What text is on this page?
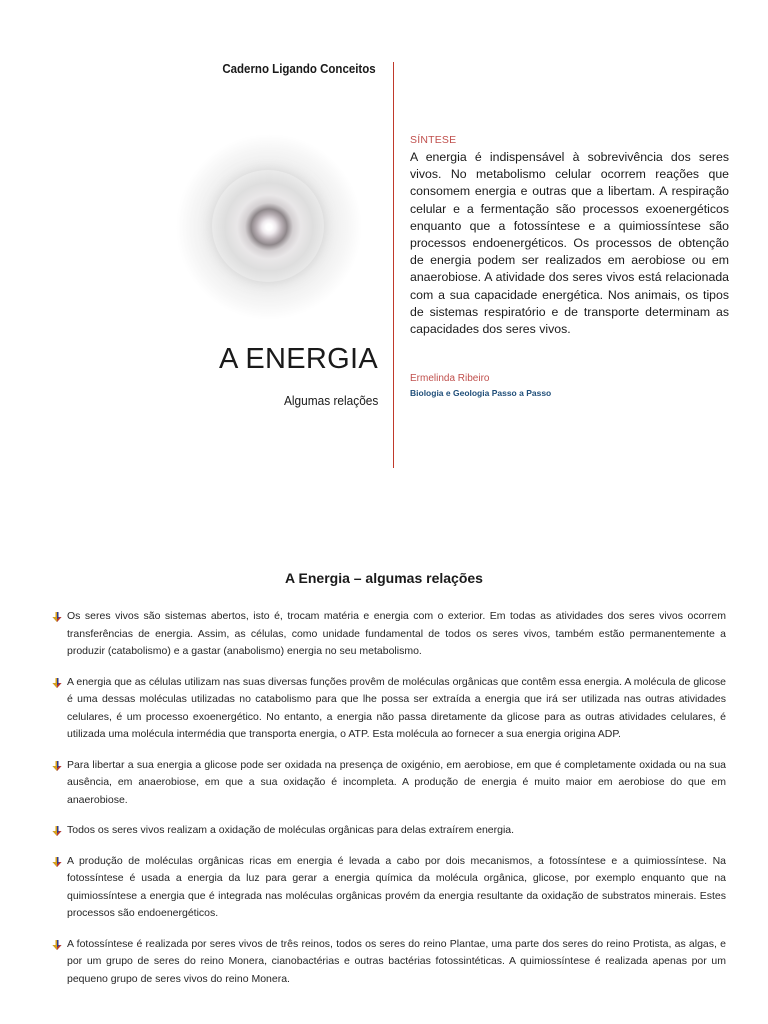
Caderno Ligando Conceitos
A ENERGIA
Algumas relações
SÍNTESE
A energia é indispensável à sobrevivência dos seres vivos. No metabolismo celular ocorrem reações que consomem energia e outras que a libertam. A respiração celular e a fermentação são processos exoenergéticos enquanto que a fotossíntese e a quimiossíntese são processos endoenergéticos. Os processos de obtenção de energia podem ser realizados em aerobiose ou em anaerobiose. A atividade dos seres vivos está relacionada com a sua capacidade energética. Nos animais, os tipos de sistemas respiratório e de transporte determinam as capacidades dos seres vivos.
Ermelinda Ribeiro
Biologia e Geologia Passo a Passo
A Energia – algumas relações
Os seres vivos são sistemas abertos, isto é, trocam matéria e energia com o exterior. Em todas as atividades dos seres vivos ocorrem transferências de energia. Assim, as células, como unidade fundamental de todos os seres vivos, também estão permanentemente a produzir (catabolismo) e a gastar (anabolismo) energia no seu metabolismo.
A energia que as células utilizam nas suas diversas funções provêm de moléculas orgânicas que contêm essa energia. A molécula de glicose é uma dessas moléculas utilizadas no catabolismo para que lhe possa ser extraída a energia que irá ser utilizada nas outras atividades celulares, é um processo exoenergético. No entanto, a energia não passa diretamente da glicose para as outras atividades celulares, é utilizada uma molécula intermédia que transporta energia, o ATP. Esta molécula ao fornecer a sua energia origina ADP.
Para libertar a sua energia a glicose pode ser oxidada na presença de oxigénio, em aerobiose, em que é completamente oxidada ou na sua ausência, em anaerobiose, em que a sua oxidação é incompleta. A produção de energia é muito maior em aerobiose do que em anaerobiose.
Todos os seres vivos realizam a oxidação de moléculas orgânicas para delas extraírem energia.
A produção de moléculas orgânicas ricas em energia é levada a cabo por dois mecanismos, a fotossíntese e a quimiossíntese. Na fotossíntese é usada a energia da luz para gerar a energia química da molécula orgânica, glicose, por exemplo enquanto que na quimiossíntese a energia que é integrada nas moléculas orgânicas provém da energia resultante da oxidação de substratos minerais. Estes processos são endoenergéticos.
A fotossíntese é realizada por seres vivos de três reinos, todos os seres do reino Plantae, uma parte dos seres do reino Protista, as algas, e por um grupo de seres do reino Monera, cianobactérias e outras bactérias fotossintéticas. A quimiossíntese é realizada apenas por um pequeno grupo de seres vivos do reino Monera.
